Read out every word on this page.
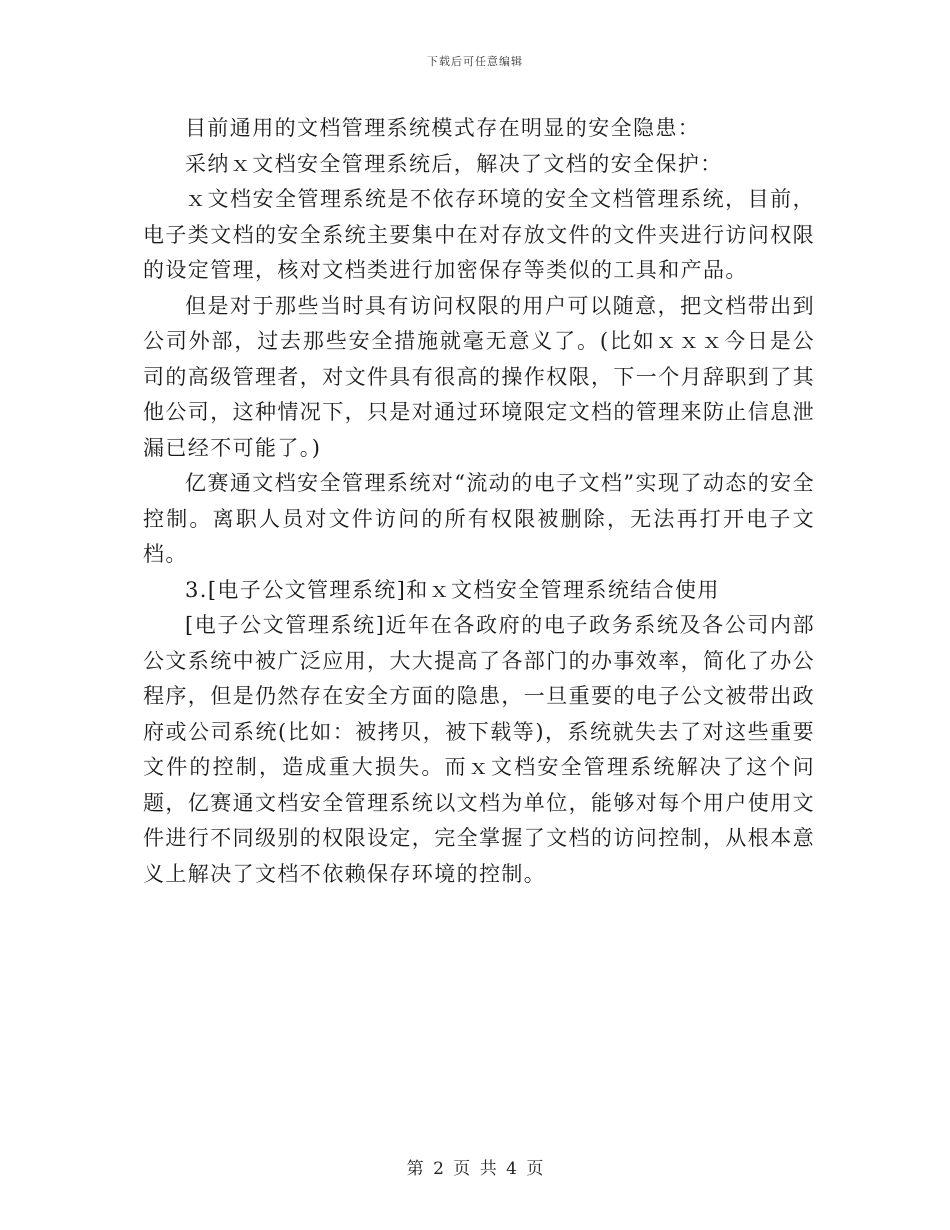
下载后可任意编辑

目前通用的文档管理系统模式存在明显的安全隐患：

采纳ｘ文档安全管理系统后，解决了文档的安全保护：

ｘ文档安全管理系统是不依存环境的安全文档管理系统，目前，电子类文档的安全系统主要集中在对存放文件的文件夹进行访问权限的设定管理，核对文档类进行加密保存等类似的工具和产品。

但是对于那些当时具有访问权限的用户可以随意，把文档带出到公司外部，过去那些安全措施就毫无意义了。(比如ｘｘｘ今日是公司的高级管理者，对文件具有很高的操作权限，下一个月辞职到了其他公司，这种情况下，只是对通过环境限定文档的管理来防止信息泄漏已经不可能了。)

亿赛通文档安全管理系统对“流动的电子文档”实现了动态的安全控制。离职人员对文件访问的所有权限被删除，无法再打开电子文档。

3.[电子公文管理系统]和ｘ文档安全管理系统结合使用

[电子公文管理系统]近年在各政府的电子政务系统及各公司内部公文系统中被广泛应用，大大提高了各部门的办事效率，简化了办公程序，但是仍然存在安全方面的隐患，一旦重要的电子公文被带出政府或公司系统(比如：被拷贝，被下载等)，系统就失去了对这些重要文件的控制，造成重大损失。而ｘ文档安全管理系统解决了这个问题，亿赛通文档安全管理系统以文档为单位，能够对每个用户使用文件进行不同级别的权限设定，完全掌握了文档的访问控制，从根本意义上解决了文档不依赖保存环境的控制。

第 2 页 共 4 页
